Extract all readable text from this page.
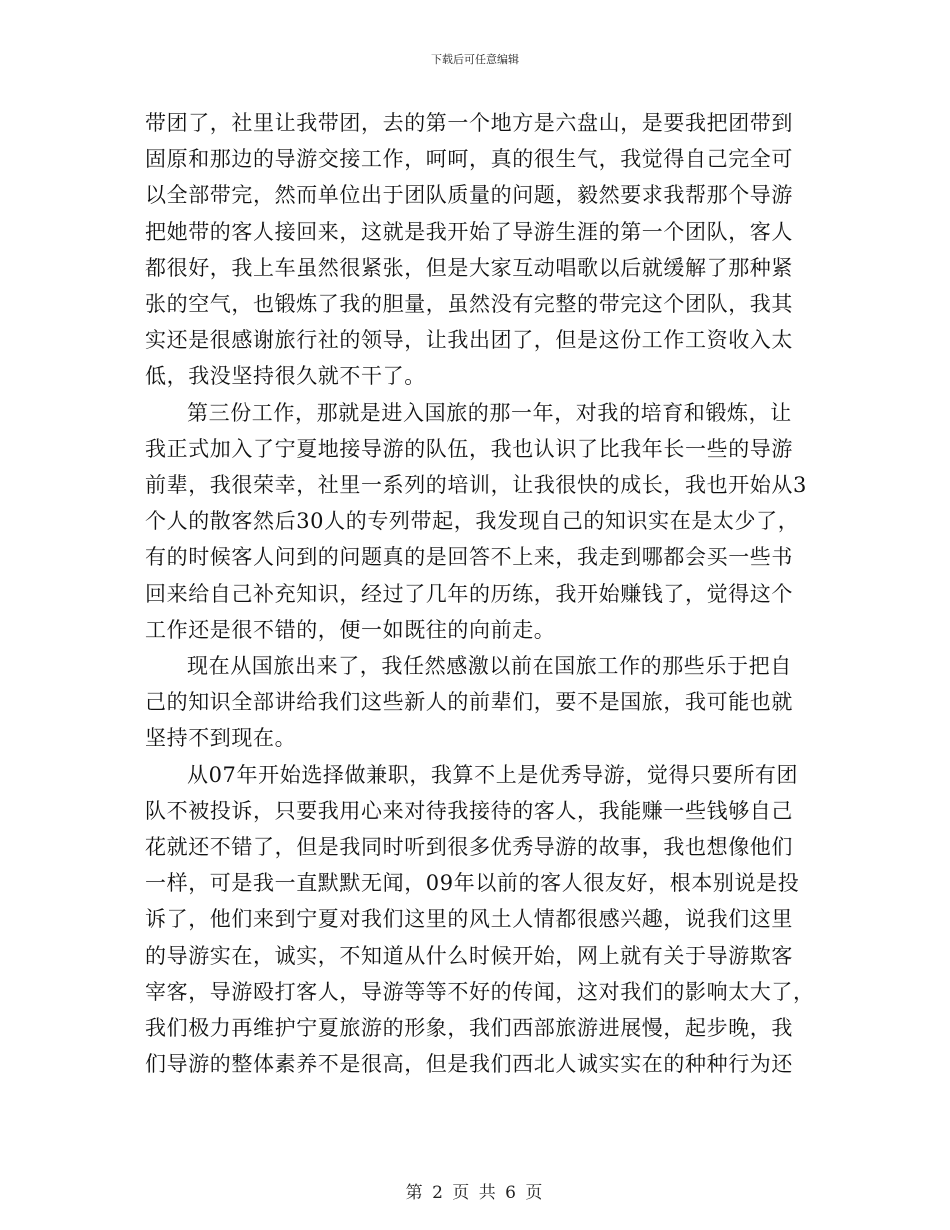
下载后可任意编辑

带团了，社里让我带团，去的第一个地方是六盘山，是要我把团带到
固原和那边的导游交接工作，呵呵，真的很生气，我觉得自己完全可
以全部带完，然而单位出于团队质量的问题，毅然要求我帮那个导游
把她带的客人接回来，这就是我开始了导游生涯的第一个团队，客人
都很好，我上车虽然很紧张，但是大家互动唱歌以后就缓解了那种紧
张的空气，也锻炼了我的胆量，虽然没有完整的带完这个团队，我其
实还是很感谢旅行社的领导，让我出团了，但是这份工作工资收入太
低，我没坚持很久就不干了。

第三份工作，那就是进入国旅的那一年，对我的培育和锻炼，让
我正式加入了宁夏地接导游的队伍，我也认识了比我年长一些的导游
前辈，我很荣幸，社里一系列的培训，让我很快的成长，我也开始从3
个人的散客然后30人的专列带起，我发现自己的知识实在是太少了，
有的时候客人问到的问题真的是回答不上来，我走到哪都会买一些书
回来给自己补充知识，经过了几年的历练，我开始赚钱了，觉得这个
工作还是很不错的，便一如既往的向前走。

现在从国旅出来了，我任然感激以前在国旅工作的那些乐于把自
己的知识全部讲给我们这些新人的前辈们，要不是国旅，我可能也就
坚持不到现在。

从07年开始选择做兼职，我算不上是优秀导游，觉得只要所有团
队不被投诉，只要我用心来对待我接待的客人，我能赚一些钱够自己
花就还不错了，但是我同时听到很多优秀导游的故事，我也想像他们
一样，可是我一直默默无闻，09年以前的客人很友好，根本别说是投
诉了，他们来到宁夏对我们这里的风土人情都很感兴趣，说我们这里
的导游实在，诚实，不知道从什么时候开始，网上就有关于导游欺客
宰客，导游殴打客人，导游等等不好的传闻，这对我们的影响太大了，
我们极力再维护宁夏旅游的形象，我们西部旅游进展慢，起步晚，我
们导游的整体素养不是很高，但是我们西北人诚实实在的种种行为还

第 2 页 共 6 页
